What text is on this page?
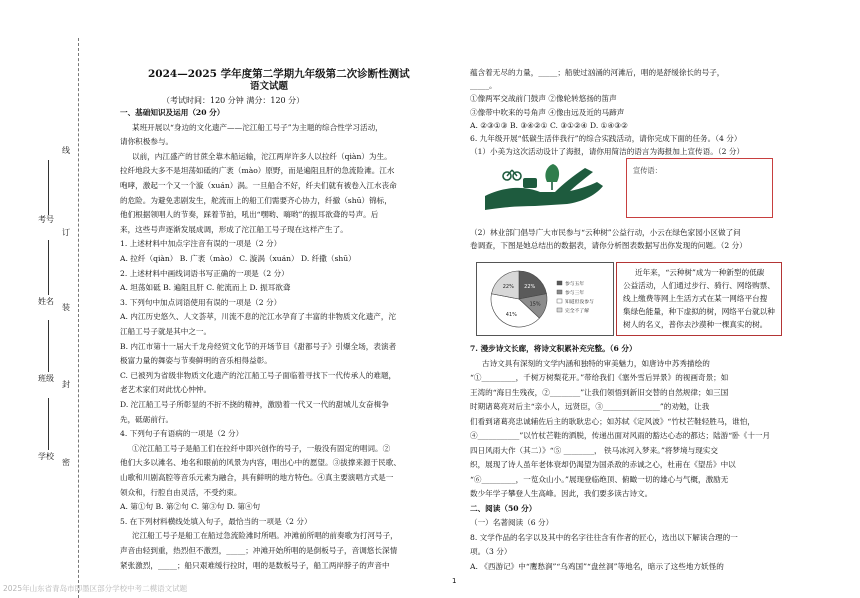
线
订
装
封
密
考号
姓名
班级
学校
2024—2025 学年度第二学期九年级第二次诊断性测试
语文试题
（考试时间：120 分钟 满分：120 分）
一、基础知识及运用（20 分）
某班开展以“身边的文化遗产——沱江船工号子”为主题的综合性学习活动，
请你积极参与。
以前，内江盛产的甘蔗全靠木船运输，沱江两岸许多人以拉纤（qiàn）为生。
拉纤地段大多不是坦荡如砥的广袤（mào）原野，而是遍阻且肝的急流险滩。江水
咆哮，激起一个又一个漩（xuán）涡。一旦船合不好，纤夫们就有被卷入江水丧命
的危险。为避免悲剧发生，舵流而上的船工们需要齐心协力，纤撤（shū）锦标，
他们根据领唱人的节奏，踩着节拍，吼出“嘿哟、嗨哟”的振耳欲聋的号声。后
来，这些号声逐渐发展成调，形成了沱江船工号子现在这样产生了。
1. 上述材料中加点字注音有误的一项是（2 分）
A. 拉纤（qiàn） B. 广袤（mào） C. 漩涡（xuán） D. 纤撒（shū）
2. 上述材料中画线词语书写正确的一项是（2 分）
A. 坦荡如砥 B. 遍阻且肝 C. 舵流而上 D. 振耳欲聋
3. 下列句中加点词语使用有误的一项是（2 分）
A. 内江历史悠久、人文荟萃，川流不息的沱江水孕育了丰富的非物质文化遗产，沱
江船工号子就是其中之一。
B. 内江市第十一届大千龙舟经贸文化节的开场节目《甜都号子》引爆全场，表演者
极富力量的舞姿与节奏鲜明的音乐相得益彰。
C. 已被列为省级非物质文化遗产的沱江船工号子面临着寻找下一代传承人的难题，
老艺术家们对此忧心忡忡。
D. 沱江船工号子所彰显的不折不挠的精神，激励着一代又一代的甜城儿女奋楫争
先，砥砺前行。
4. 下列句子有语病的一项是（2 分）
①沱江船工号子是船工们在拉纤中即兴创作的号子，一般没有固定的唱词。②
他们大多以滩名、地名和眼前的风景为内容，唱出心中的愿望。③拔撑来源于民歌、
山歌和川剧高腔等音乐元素为融合，具有鲜明的地方特色。④真主要演唱方式是一
领众和，行腔自由灵活，不受约束。
A. 第①句 B. 第②句 C. 第③句 D. 第④句
5. 在下列材料横线处填入句子，最恰当的一项是（2 分）
沱江船工号子是船工在船过急流险滩时所唱。冲滩前所唱的前奏歌为打河号子，
声音由轻到重，热烈但不激烈，_____；冲滩开始所唱的是倒板号子，音调悠长深情
紧张激烈，_____；船只艰难缓行拉时，唱的是数板号子，船工两岸脖子的声音中
蕴含着无尽的力量，_____；船驶过汹涌的河滩后，唱的是舒缓徐长的号子，
_____。
①像两军交战前门鼓声 ②像轮转悠扬的笛声
③像带中吹来的号角声 ④像由远及近的马蹄声
A. ②③①③ B. ③④②① C. ③①②④ D. ①④③②
6. 九年级开展“低碳生活伴我行”的综合实践活动，请你完成下面的任务。（4 分）
（1）小美为这次活动设计了海报，请你用简洁的语言为海报加上宣传语。（2 分）
宣传语：
（2）林业部门倡导广大市民参与“云种树”公益行动，小云在绿色家园小区做了问
卷调查，下图是她总结出的数据表，请你分析图表数据写出你发现的问题。（2 分）
22%
15%
41%
22%	参与五年
参与三年
知道但没参与
完全不了解
近年来，“云种树”成为一种新型的低碳
公益活动，人们通过步行、骑行、网络购票、
线上缴费等网上生活方式在某一网络平台搜
集绿色能量，种下虚拟的树，网络平台就以种
树人的名义，普你去沙漠种一棵真实的树。
7. 漫步诗文长廊，将诗文积累补充完整。（6 分）
古诗文具有深刻的文学内涵和独特的审美魅力，如唐诗中苏秀描绘的
“①_________，千树万树梨花开。”带给我们《塞外雪后异景》的视画奇景；如
王湾的“海日生残夜，②________”让我们领悟到新旧交替的自然规律；如三国
时期诸葛亮对后主“亲小人，远贤臣，③_______________”的劝勉，让我
们看到诸葛亮忠诚辅佐后主的耿耿忠心；如苏轼《定风波》“竹杖芒鞋轻胜马，谁怕，
④___________”以竹杖芒鞋的洒脱，传递出面对风雨的豁达心态的都达；陆游“卧《十一月
四日风雨大作（其二）》“⑤ ________， 铁马冰河入梦来。”将梦境与现实交
织，展现了诗人虽年老体衰却仍渴望为国杀敌的赤诚之心，杜甫在《望岳》中以
“⑥_________，一览众山小。”展现登临绝顶、俯瞰一切的雄心与气概，激励无
数少年学子攀登人生高峰。因此，我们要多读古诗文。
二、阅读（50 分）
（一）名著阅读（6 分）
8. 文学作品的名字以及其中的名字往往含有作者的匠心，选出以下解读合理的一
项。（3 分）
A. 《西游记》中“鹰愁涧”“乌鸡国”“盘丝洞”等地名，暗示了这些地方妖怪的
1
2025年山东省青岛市即墨区部分学校中考二模语文试题
